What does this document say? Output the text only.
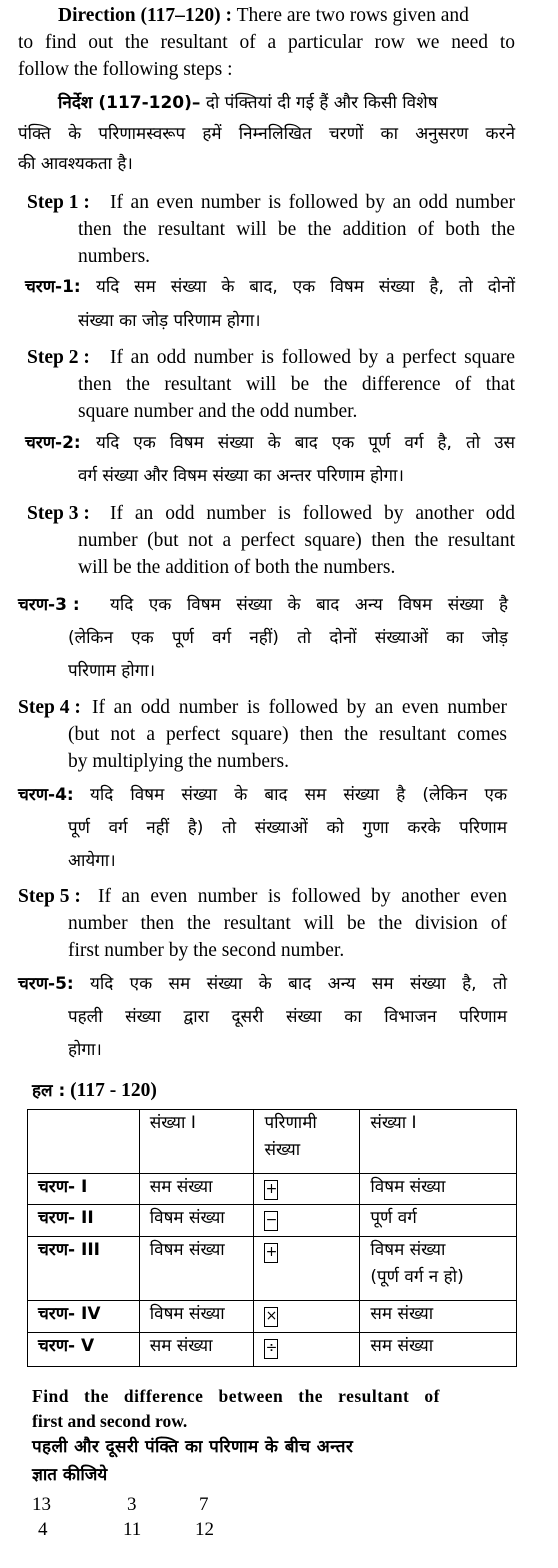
Direction (117–120) : There are two rows given and
to find out the resultant of a particular row we need to
follow the following steps :
निर्देश (117-120)– दो पंक्तियां दी गई हैं और किसी विशेष
पंक्ति के परिणामस्वरूप हमें निम्नलिखित चरणों का अनुसरण करने
की आवश्यकता है।
Step 1 : If an even number is followed by an odd number
then the resultant will be the addition of both the
numbers.
चरण-1: यदि सम संख्या के बाद, एक विषम संख्या है, तो दोनों
संख्या का जोड़ परिणाम होगा।
Step 2 : If an odd number is followed by a perfect square
then the resultant will be the difference of that
square number and the odd number.
चरण-2: यदि एक विषम संख्या के बाद एक पूर्ण वर्ग है, तो उस
वर्ग संख्या और विषम संख्या का अन्तर परिणाम होगा।
Step 3 : If an odd number is followed by another odd
number (but not a perfect square) then the resultant
will be the addition of both the numbers.
चरण-3 : यदि एक विषम संख्या के बाद अन्य विषम संख्या है
(लेकिन एक पूर्ण वर्ग नहीं) तो दोनों संख्याओं का जोड़
परिणाम होगा।
Step 4 : If an odd number is followed by an even number
(but not a perfect square) then the resultant comes
by multiplying the numbers.
चरण-4: यदि विषम संख्या के बाद सम संख्या है (लेकिन एक
पूर्ण वर्ग नहीं है) तो संख्याओं को गुणा करके परिणाम
आयेगा।
Step 5 : If an even number is followed by another even
number then the resultant will be the division of
first number by the second number.
चरण-5: यदि एक सम संख्या के बाद अन्य सम संख्या है, तो
पहली संख्या द्वारा दूसरी संख्या का विभाजन परिणाम
होगा।
हल : (117 - 120)
	संख्या I	परिणामी संख्या	संख्या I
चरण- I	सम संख्या	+	विषम संख्या
चरण- II	विषम संख्या	−	पूर्ण वर्ग
चरण- III	विषम संख्या	+	विषम संख्या
(पूर्ण वर्ग न हो)

चरण- IV	विषम संख्या	×	सम संख्या
चरण- V	सम संख्या	÷	सम संख्या
Find the difference between the resultant of
first and second row.
पहली और दूसरी पंक्ति का परिणाम के बीच अन्तर
ज्ञात कीजिये
13	3	7
4	11	12
